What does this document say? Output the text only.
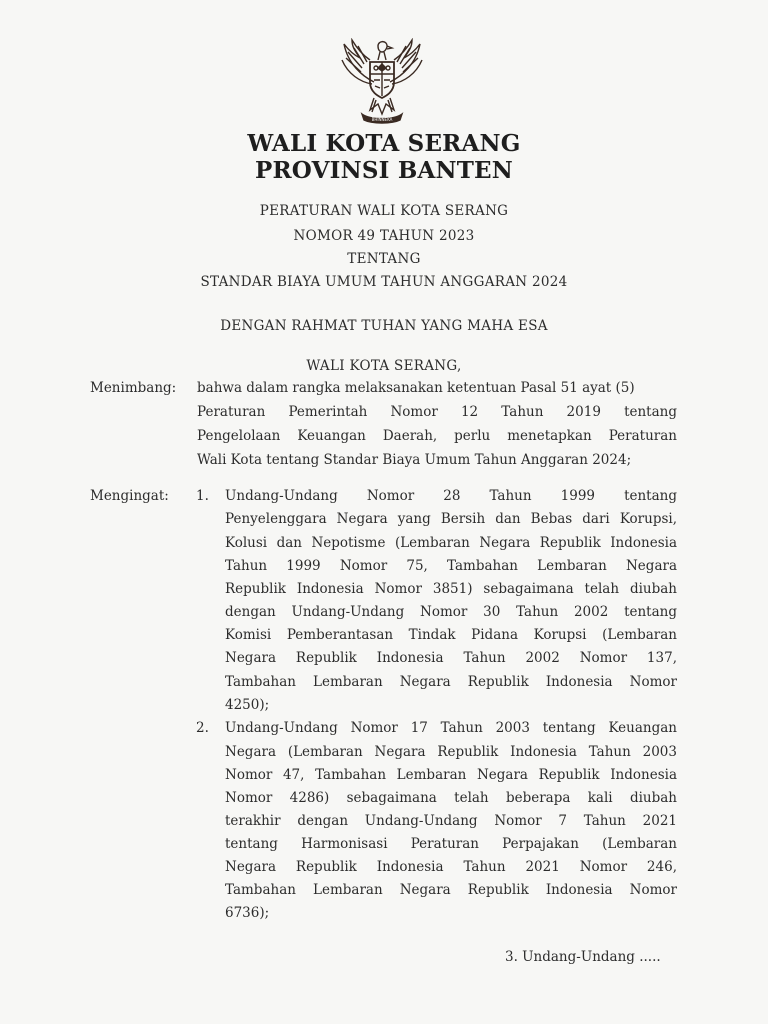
BHINNEKA
WALI KOTA SERANG
PROVINSI BANTEN
PERATURAN WALI KOTA SERANG
NOMOR 49 TAHUN 2023
TENTANG
STANDAR BIAYA UMUM TAHUN ANGGARAN 2024
DENGAN RAHMAT TUHAN YANG MAHA ESA
WALI KOTA SERANG,
Menimbang: bahwa dalam rangka melaksanakan ketentuan Pasal 51 ayat (5)
Peraturan Pemerintah Nomor 12 Tahun 2019 tentang
Pengelolaan Keuangan Daerah, perlu menetapkan Peraturan
Wali Kota tentang Standar Biaya Umum Tahun Anggaran 2024;
Mengingat: 1. Undang-Undang Nomor 28 Tahun 1999 tentang
Penyelenggara Negara yang Bersih dan Bebas dari Korupsi,
Kolusi dan Nepotisme (Lembaran Negara Republik Indonesia
Tahun 1999 Nomor 75, Tambahan Lembaran Negara
Republik Indonesia Nomor 3851) sebagaimana telah diubah
dengan Undang-Undang Nomor 30 Tahun 2002 tentang
Komisi Pemberantasan Tindak Pidana Korupsi (Lembaran
Negara Republik Indonesia Tahun 2002 Nomor 137,
Tambahan Lembaran Negara Republik Indonesia Nomor
4250);
2. Undang-Undang Nomor 17 Tahun 2003 tentang Keuangan
Negara (Lembaran Negara Republik Indonesia Tahun 2003
Nomor 47, Tambahan Lembaran Negara Republik Indonesia
Nomor 4286) sebagaimana telah beberapa kali diubah
terakhir dengan Undang-Undang Nomor 7 Tahun 2021
tentang Harmonisasi Peraturan Perpajakan (Lembaran
Negara Republik Indonesia Tahun 2021 Nomor 246,
Tambahan Lembaran Negara Republik Indonesia Nomor
6736);
3. Undang-Undang .....
